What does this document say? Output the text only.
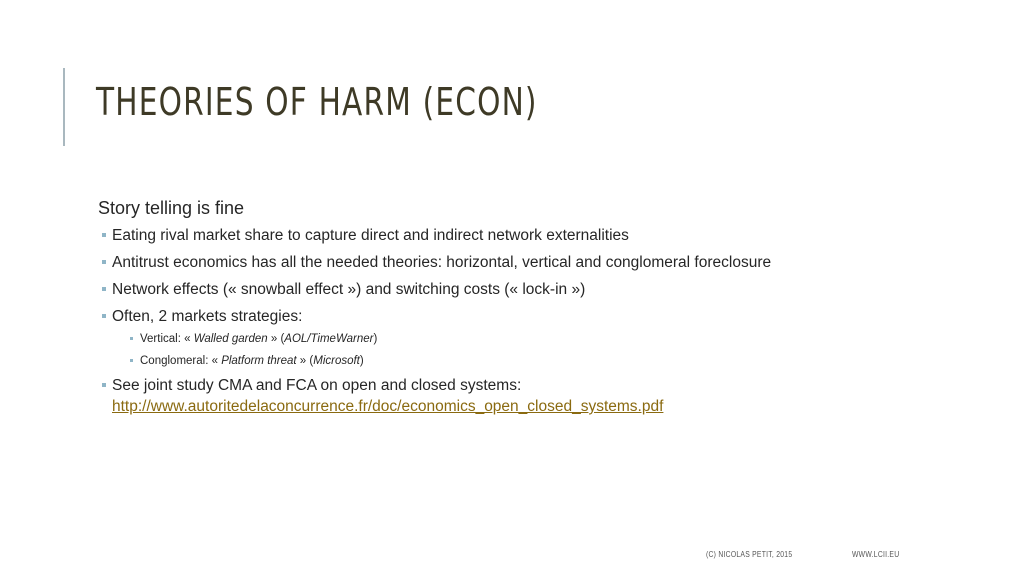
THEORIES OF HARM (ECON)

Story telling is fine

Eating rival market share to capture direct and indirect network externalities
Antitrust economics has all the needed theories: horizontal, vertical and conglomeral foreclosure
Network effects (« snowball effect ») and switching costs (« lock-in »)
Often, 2 markets strategies:
Vertical: « Walled garden » (AOL/TimeWarner)
Conglomeral: « Platform threat » (Microsoft)
See joint study CMA and FCA on open and closed systems:
http://www.autoritedelaconcurrence.fr/doc/economics_open_closed_systems.pdf
(C) NICOLAS PETIT, 2015	WWW.LCII.EU
